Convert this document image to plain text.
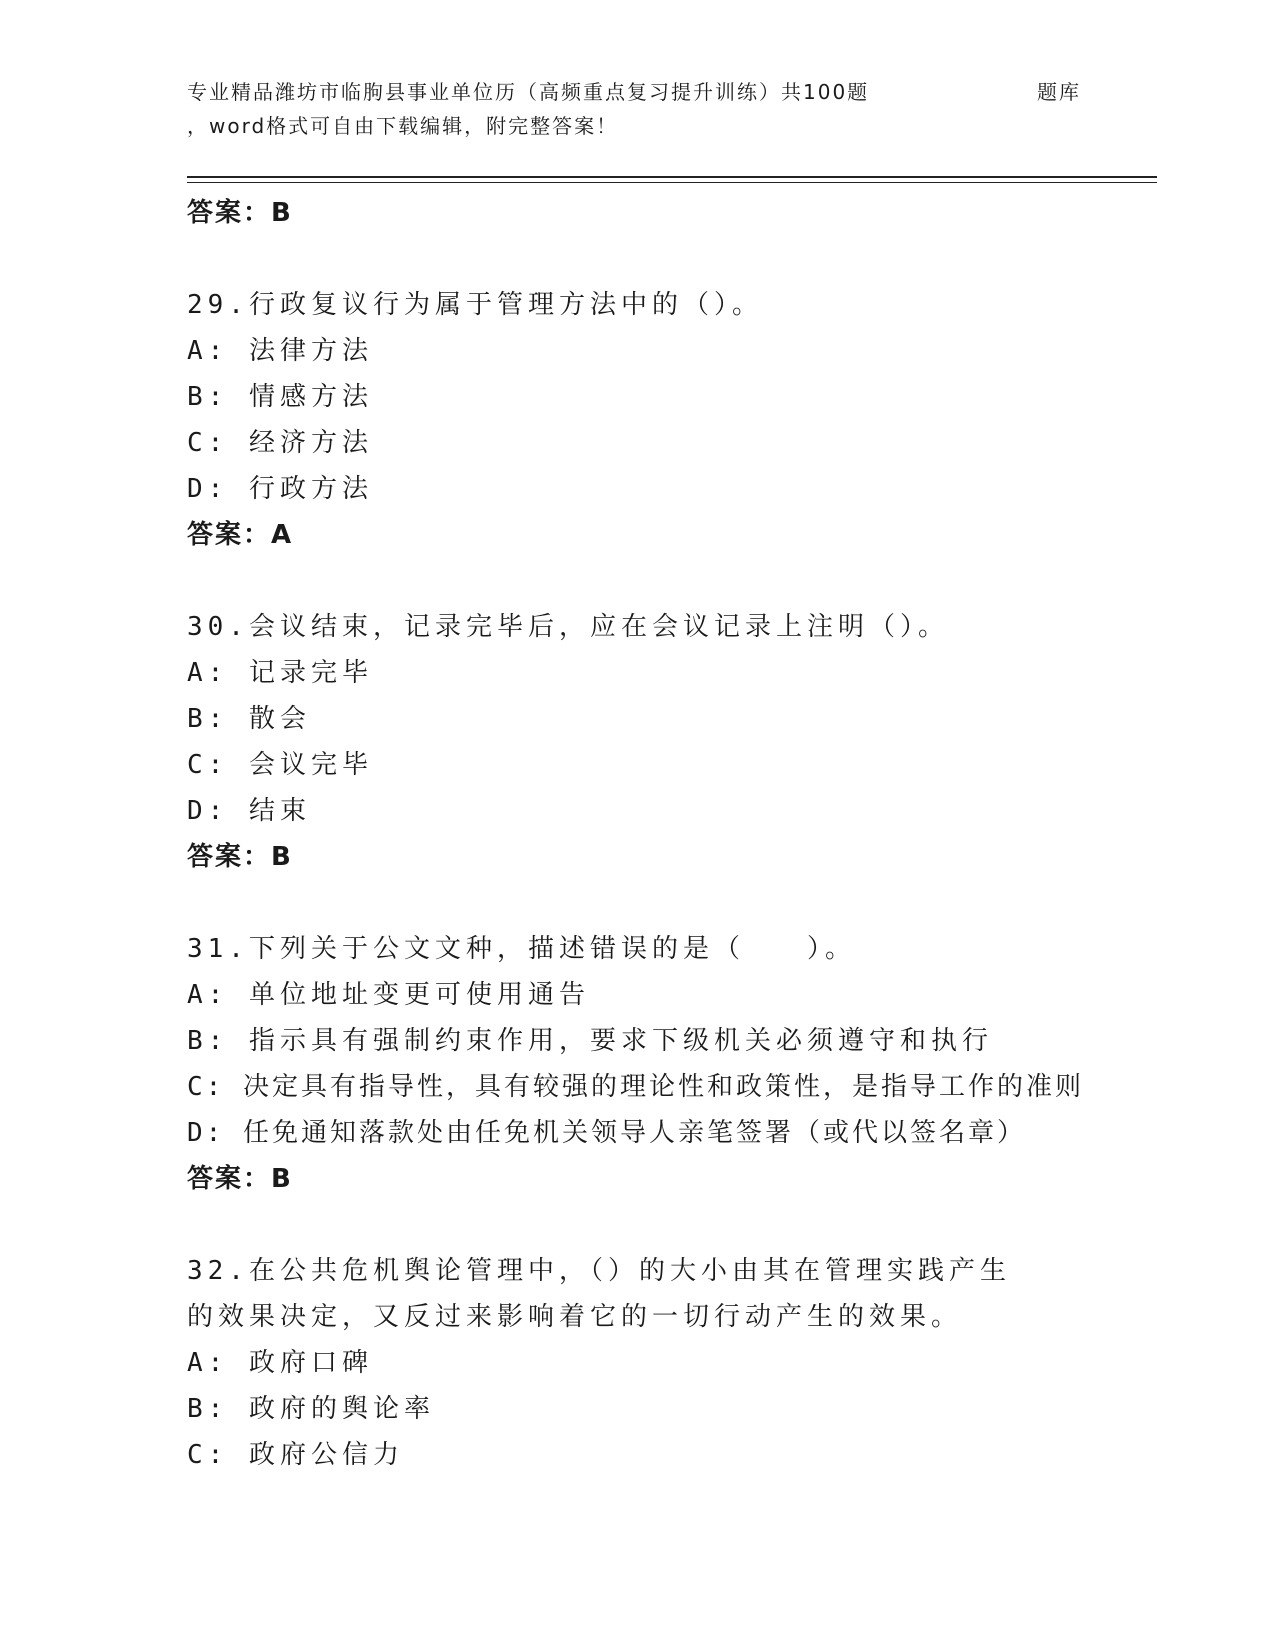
专业精品潍坊市临朐县事业单位历（高频重点复习提升训练）共100题	题库
，word格式可自由下载编辑，附完整答案！
答案：B
29.行政复议行为属于管理方法中的（）。
A: 法律方法
B: 情感方法
C: 经济方法
D: 行政方法
答案：A
30.会议结束，记录完毕后，应在会议记录上注明（）。
A: 记录完毕
B: 散会
C: 会议完毕
D: 结束
答案：B
31.下列关于公文文种，描述错误的是（　　）。
A: 单位地址变更可使用通告
B: 指示具有强制约束作用，要求下级机关必须遵守和执行
C: 决定具有指导性，具有较强的理论性和政策性，是指导工作的准则
D: 任免通知落款处由任免机关领导人亲笔签署（或代以签名章）
答案：B
32.在公共危机舆论管理中，（）的大小由其在管理实践产生的效果决定，又反过来影响着它的一切行动产生的效果。
A: 政府口碑
B: 政府的舆论率
C: 政府公信力
